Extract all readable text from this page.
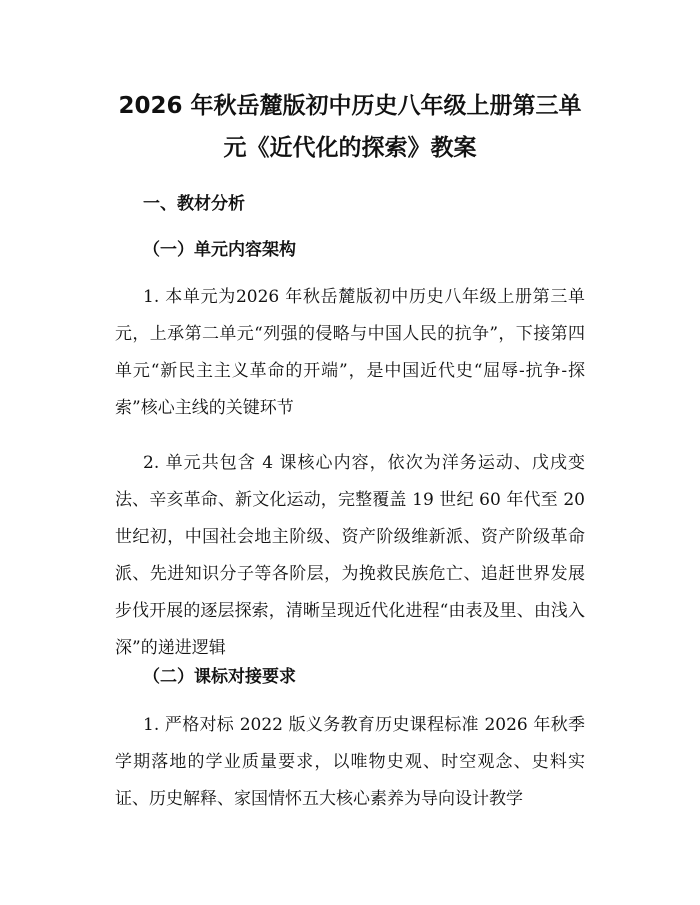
2026 年秋岳麓版初中历史八年级上册第三单
元《近代化的探索》教案
一、教材分析
（一）单元内容架构

1. 本单元为2026 年秋岳麓版初中历史八年级上册第三单元，上承第二单元“列强的侵略与中国人民的抗争”，下接第四单元“新民主主义革命的开端”，是中国近代史“屈辱-抗争-探索”核心主线的关键环节

2. 单元共包含 4 课核心内容，依次为洋务运动、戊戌变法、辛亥革命、新文化运动，完整覆盖 19 世纪 60 年代至 20 世纪初，中国社会地主阶级、资产阶级维新派、资产阶级革命派、先进知识分子等各阶层，为挽救民族危亡、追赶世界发展步伐开展的逐层探索，清晰呈现近代化进程“由表及里、由浅入深”的递进逻辑

（二）课标对接要求

1. 严格对标 2022 版义务教育历史课程标准 2026 年秋季学期落地的学业质量要求，以唯物史观、时空观念、史料实证、历史解释、家国情怀五大核心素养为导向设计教学
